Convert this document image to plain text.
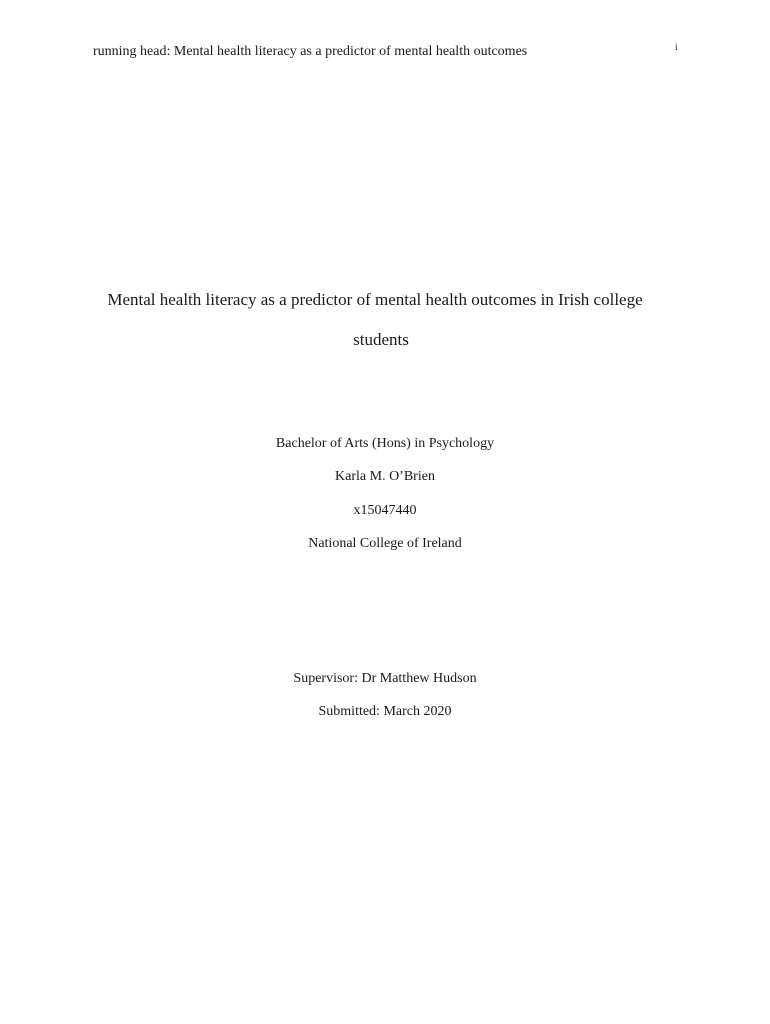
running head: Mental health literacy as a predictor of mental health outcomes	i
Mental health literacy as a predictor of mental health outcomes in Irish college
students
Bachelor of Arts (Hons) in Psychology
Karla M. O’Brien
x15047440
National College of Ireland
Supervisor: Dr Matthew Hudson
Submitted: March 2020
